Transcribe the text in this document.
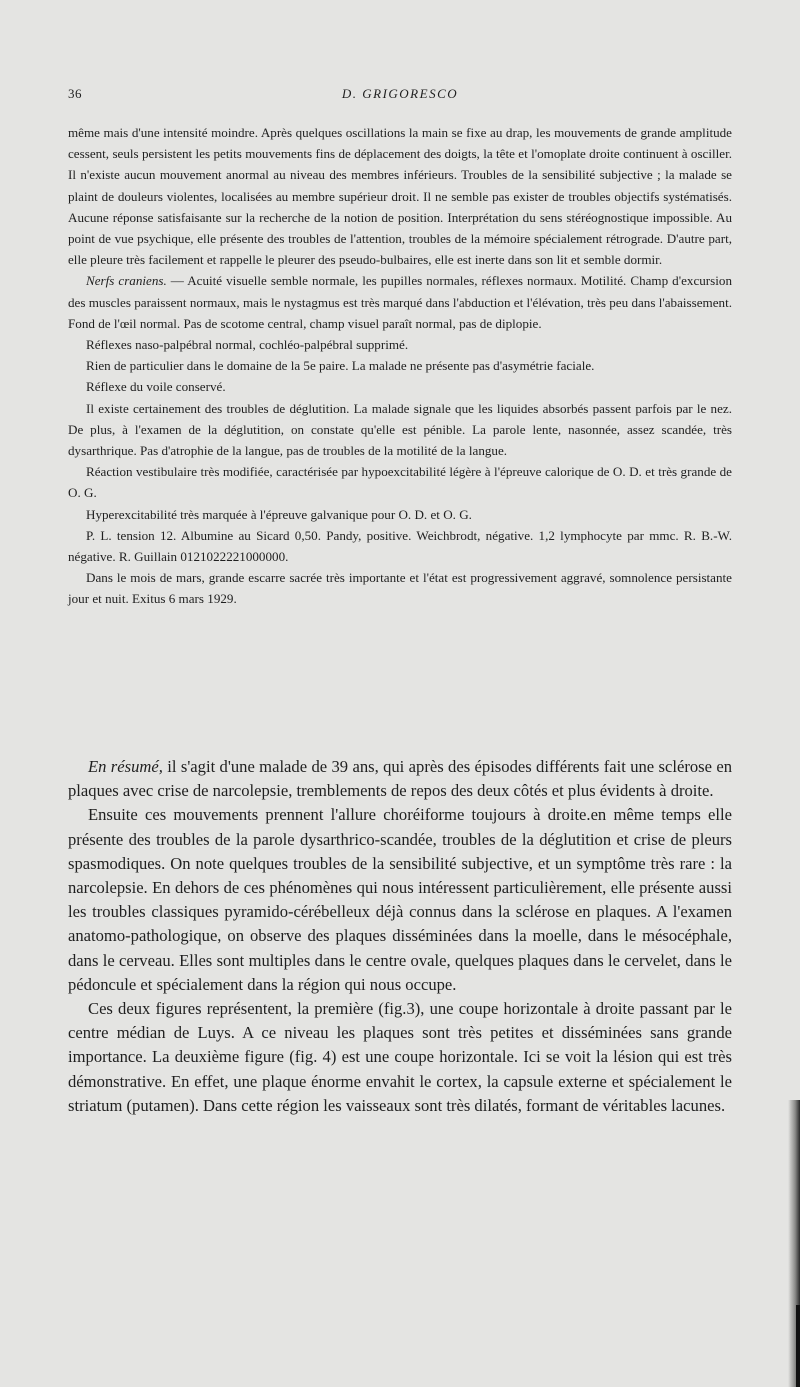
36	D. GRIGORESCO

même mais d'une intensité moindre. Après quelques oscillations la main se fixe au drap, les mouvements de grande amplitude cessent, seuls persistent les petits mouvements fins de déplacement des doigts, la tête et l'omoplate droite continuent à osciller. Il n'existe aucun mouvement anormal au niveau des membres inférieurs. Troubles de la sensibilité subjective ; la malade se plaint de douleurs violentes, localisées au membre supérieur droit. Il ne semble pas exister de troubles objectifs systématisés. Aucune réponse satisfaisante sur la recherche de la notion de position. Interprétation du sens stéréognostique impossible. Au point de vue psychique, elle présente des troubles de l'attention, troubles de la mémoire spécialement rétrograde. D'autre part, elle pleure très facilement et rappelle le pleurer des pseudo-bulbaires, elle est inerte dans son lit et semble dormir.

Nerfs craniens. — Acuité visuelle semble normale, les pupilles normales, réflexes normaux. Motilité. Champ d'excursion des muscles paraissent normaux, mais le nystagmus est très marqué dans l'abduction et l'élévation, très peu dans l'abaissement. Fond de l'œil normal. Pas de scotome central, champ visuel paraît normal, pas de diplopie.

Réflexes naso-palpébral normal, cochléo-palpébral supprimé.

Rien de particulier dans le domaine de la 5e paire. La malade ne présente pas d'asymétrie faciale.

Réflexe du voile conservé.

Il existe certainement des troubles de déglutition. La malade signale que les liquides absorbés passent parfois par le nez. De plus, à l'examen de la déglutition, on constate qu'elle est pénible. La parole lente, nasonnée, assez scandée, très dysarthrique. Pas d'atrophie de la langue, pas de troubles de la motilité de la langue.

Réaction vestibulaire très modifiée, caractérisée par hypoexcitabilité légère à l'épreuve calorique de O. D. et très grande de O. G.

Hyperexcitabilité très marquée à l'épreuve galvanique pour O. D. et O. G.

P. L. tension 12. Albumine au Sicard 0,50. Pandy, positive. Weichbrodt, négative. 1,2 lymphocyte par mmc. R. B.-W. négative. R. Guillain 0121022221000000.

Dans le mois de mars, grande escarre sacrée très importante et l'état est progressivement aggravé, somnolence persistante jour et nuit. Exitus 6 mars 1929.

En résumé, il s'agit d'une malade de 39 ans, qui après des épisodes différents fait une sclérose en plaques avec crise de narcolepsie, tremblements de repos des deux côtés et plus évidents à droite.

Ensuite ces mouvements prennent l'allure choréiforme toujours à droite.en même temps elle présente des troubles de la parole dysarthrico-scandée, troubles de la déglutition et crise de pleurs spasmodiques. On note quelques troubles de la sensibilité subjective, et un symptôme très rare : la narcolepsie. En dehors de ces phénomènes qui nous intéressent particulièrement, elle présente aussi les troubles classiques pyramido-cérébelleux déjà connus dans la sclérose en plaques. A l'examen anatomo-pathologique, on observe des plaques disséminées dans la moelle, dans le mésocéphale, dans le cerveau. Elles sont multiples dans le centre ovale, quelques plaques dans le cervelet, dans le pédoncule et spécialement dans la région qui nous occupe.

Ces deux figures représentent, la première (fig.3), une coupe horizontale à droite passant par le centre médian de Luys. A ce niveau les plaques sont très petites et disséminées sans grande importance. La deuxième figure (fig. 4) est une coupe horizontale. Ici se voit la lésion qui est très démonstrative. En effet, une plaque énorme envahit le cortex, la capsule externe et spécialement le striatum (putamen). Dans cette région les vaisseaux sont très dilatés, formant de véritables lacunes.
